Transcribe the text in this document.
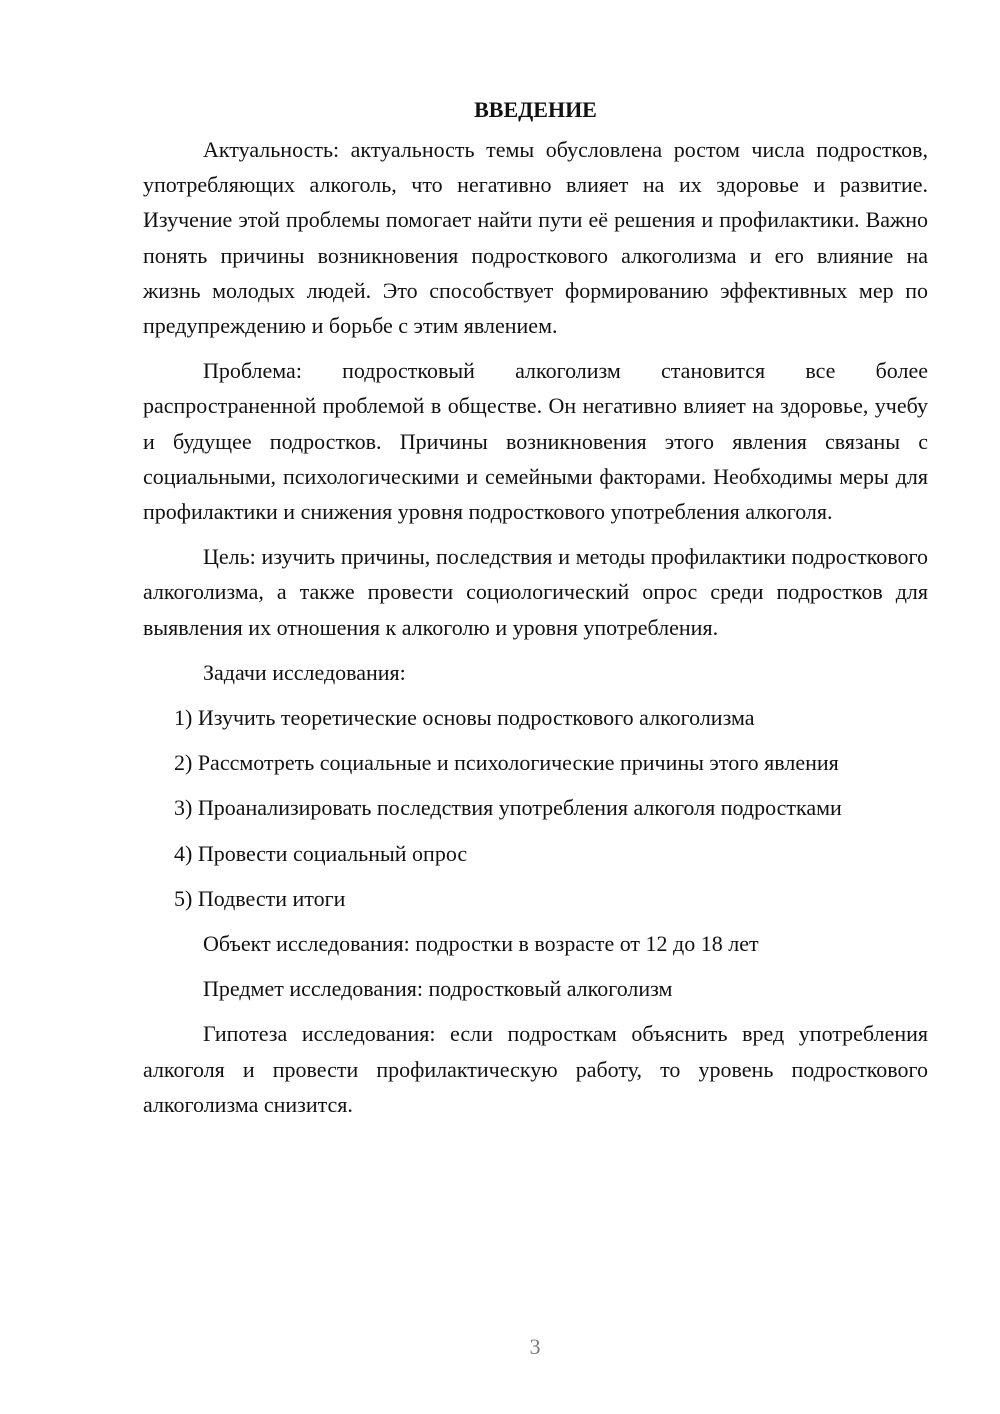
ВВЕДЕНИЕ

Актуальность: актуальность темы обусловлена ростом числа подростков, употребляющих алкоголь, что негативно влияет на их здоровье и развитие. Изучение этой проблемы помогает найти пути её решения и профилактики. Важно понять причины возникновения подросткового алкоголизма и его влияние на жизнь молодых людей. Это способствует формированию эффективных мер по предупреждению и борьбе с этим явлением.

Проблема: подростковый алкоголизм становится все более распространенной проблемой в обществе. Он негативно влияет на здоровье, учебу и будущее подростков. Причины возникновения этого явления связаны с социальными, психологическими и семейными факторами. Необходимы меры для профилактики и снижения уровня подросткового употребления алкоголя.

Цель: изучить причины, последствия и методы профилактики подросткового алкоголизма, а также провести социологический опрос среди подростков для выявления их отношения к алкоголю и уровня употребления.

Задачи исследования:

1) Изучить теоретические основы подросткового алкоголизма

2) Рассмотреть социальные и психологические причины этого явления

3) Проанализировать последствия употребления алкоголя подростками

4) Провести социальный опрос

5) Подвести итоги

Объект исследования: подростки в возрасте от 12 до 18 лет

Предмет исследования: подростковый алкоголизм

Гипотеза исследования: если подросткам объяснить вред употребления алкоголя и провести профилактическую работу, то уровень подросткового алкоголизма снизится.

3
